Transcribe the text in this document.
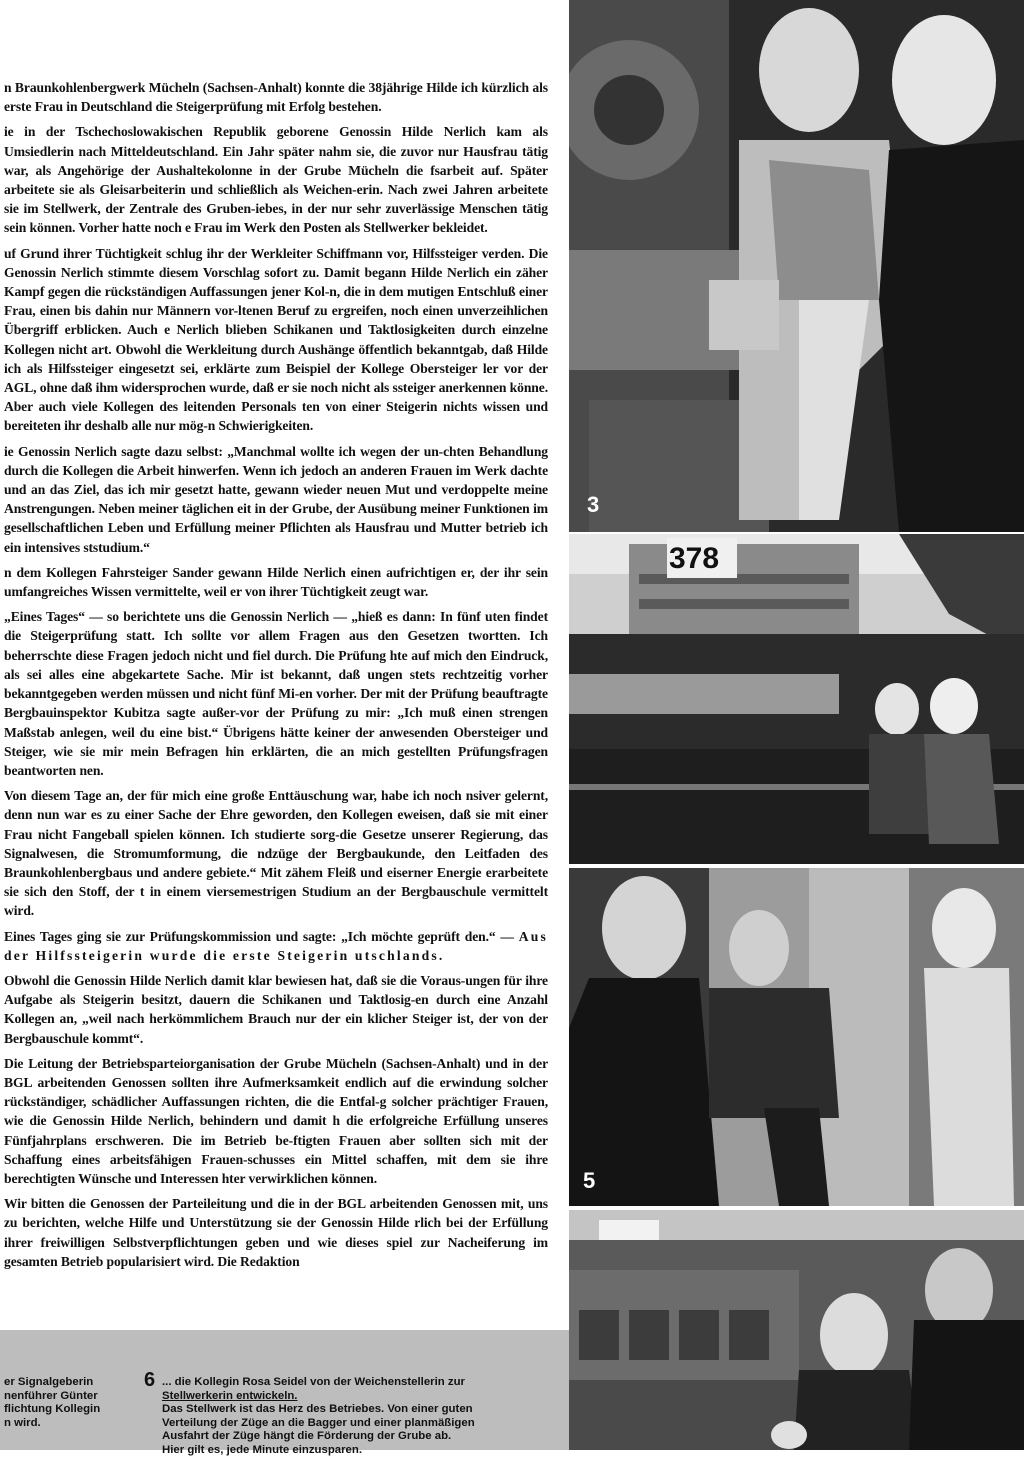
n Braunkohlenbergwerk Mücheln (Sachsen-Anhalt) konnte die 38jährige Hilde ich kürzlich als erste Frau in Deutschland die Steigerprüfung mit Erfolg bestehen.

ie in der Tschechoslowakischen Republik geborene Genossin Hilde Nerlich kam als Umsiedlerin nach Mitteldeutschland. Ein Jahr später nahm sie, die zuvor nur Hausfrau tätig war, als Angehörige der Aushaltekolonne in der Grube Mücheln die fsarbeit auf. Später arbeitete sie als Gleisarbeiterin und schließlich als Weichen-erin. Nach zwei Jahren arbeitete sie im Stellwerk, der Zentrale des Gruben-iebes, in der nur sehr zuverlässige Menschen tätig sein können. Vorher hatte noch e Frau im Werk den Posten als Stellwerker bekleidet.

uf Grund ihrer Tüchtigkeit schlug ihr der Werkleiter Schiffmann vor, Hilfssteiger verden. Die Genossin Nerlich stimmte diesem Vorschlag sofort zu. Damit begann Hilde Nerlich ein zäher Kampf gegen die rückständigen Auffassungen jener Kol-n, die in dem mutigen Entschluß einer Frau, einen bis dahin nur Männern vor-ltenen Beruf zu ergreifen, noch einen unverzeihlichen Übergriff erblicken. Auch e Nerlich blieben Schikanen und Taktlosigkeiten durch einzelne Kollegen nicht art. Obwohl die Werkleitung durch Aushänge öffentlich bekanntgab, daß Hilde ich als Hilfssteiger eingesetzt sei, erklärte zum Beispiel der Kollege Obersteiger ler vor der AGL, ohne daß ihm widersprochen wurde, daß er sie noch nicht als ssteiger anerkennen könne. Aber auch viele Kollegen des leitenden Personals ten von einer Steigerin nichts wissen und bereiteten ihr deshalb alle nur mög-n Schwierigkeiten.

ie Genossin Nerlich sagte dazu selbst: „Manchmal wollte ich wegen der un-chten Behandlung durch die Kollegen die Arbeit hinwerfen. Wenn ich jedoch an anderen Frauen im Werk dachte und an das Ziel, das ich mir gesetzt hatte, gewann wieder neuen Mut und verdoppelte meine Anstrengungen. Neben meiner täglichen eit in der Grube, der Ausübung meiner Funktionen im gesellschaftlichen Leben und Erfüllung meiner Pflichten als Hausfrau und Mutter betrieb ich ein intensives ststudium.“

n dem Kollegen Fahrsteiger Sander gewann Hilde Nerlich einen aufrichtigen er, der ihr sein umfangreiches Wissen vermittelte, weil er von ihrer Tüchtigkeit zeugt war.

„Eines Tages“ — so berichtete uns die Genossin Nerlich — „hieß es dann: In fünf uten findet die Steigerprüfung statt. Ich sollte vor allem Fragen aus den Gesetzen twortten. Ich beherrschte diese Fragen jedoch nicht und fiel durch. Die Prüfung hte auf mich den Eindruck, als sei alles eine abgekartete Sache. Mir ist bekannt, daß ungen stets rechtzeitig vorher bekanntgegeben werden müssen und nicht fünf Mi-en vorher. Der mit der Prüfung beauftragte Bergbauinspektor Kubitza sagte außer-vor der Prüfung zu mir: „Ich muß einen strengen Maßstab anlegen, weil du eine bist.“ Übrigens hätte keiner der anwesenden Obersteiger und Steiger, wie sie mir mein Befragen hin erklärten, die an mich gestellten Prüfungsfragen beantworten nen.

Von diesem Tage an, der für mich eine große Enttäuschung war, habe ich noch nsiver gelernt, denn nun war es zu einer Sache der Ehre geworden, den Kollegen eweisen, daß sie mit einer Frau nicht Fangeball spielen können. Ich studierte sorg-die Gesetze unserer Regierung, das Signalwesen, die Stromumformung, die ndzüge der Bergbaukunde, den Leitfaden des Braunkohlenbergbaus und andere gebiete.“ Mit zähem Fleiß und eiserner Energie erarbeitete sie sich den Stoff, der t in einem viersemestrigen Studium an der Bergbauschule vermittelt wird.

Eines Tages ging sie zur Prüfungskommission und sagte: „Ich möchte geprüft den.“ — Aus der Hilfssteigerin wurde die erste Steigerin utschlands.

Obwohl die Genossin Hilde Nerlich damit klar bewiesen hat, daß sie die Voraus-ungen für ihre Aufgabe als Steigerin besitzt, dauern die Schikanen und Taktlosig-en durch eine Anzahl Kollegen an, „weil nach herkömmlichem Brauch nur der ein klicher Steiger ist, der von der Bergbauschule kommt“.

Die Leitung der Betriebsparteiorganisation der Grube Mücheln (Sachsen-Anhalt) und in der BGL arbeitenden Genossen sollten ihre Aufmerksamkeit endlich auf die erwindung solcher rückständiger, schädlicher Auffassungen richten, die die Entfal-g solcher prächtiger Frauen, wie die Genossin Hilde Nerlich, behindern und damit h die erfolgreiche Erfüllung unseres Fünfjahrplans erschweren. Die im Betrieb be-ftigten Frauen aber sollten sich mit der Schaffung eines arbeitsfähigen Frauen-schusses ein Mittel schaffen, mit dem sie ihre berechtigten Wünsche und Interessen hter verwirklichen können.

Wir bitten die Genossen der Parteileitung und die in der BGL arbeitenden Genossen mit, uns zu berichten, welche Hilfe und Unterstützung sie der Genossin Hilde rlich bei der Erfüllung ihrer freiwilligen Selbstverpflichtungen geben und wie dieses spiel zur Nacheiferung im gesamten Betrieb popularisiert wird. Die Redaktion

3
378
5
er Signalgeberin
nenführer Günter
flichtung Kollegin
n wird.
6 ... die Kollegin Rosa Seidel von der Weichenstellerin zur
Stellwerkerin entwickeln.
Das Stellwerk ist das Herz des Betriebes. Von einer guten
Verteilung der Züge an die Bagger und einer planmäßigen
Ausfahrt der Züge hängt die Förderung der Grube ab.
Hier gilt es, jede Minute einzusparen.
